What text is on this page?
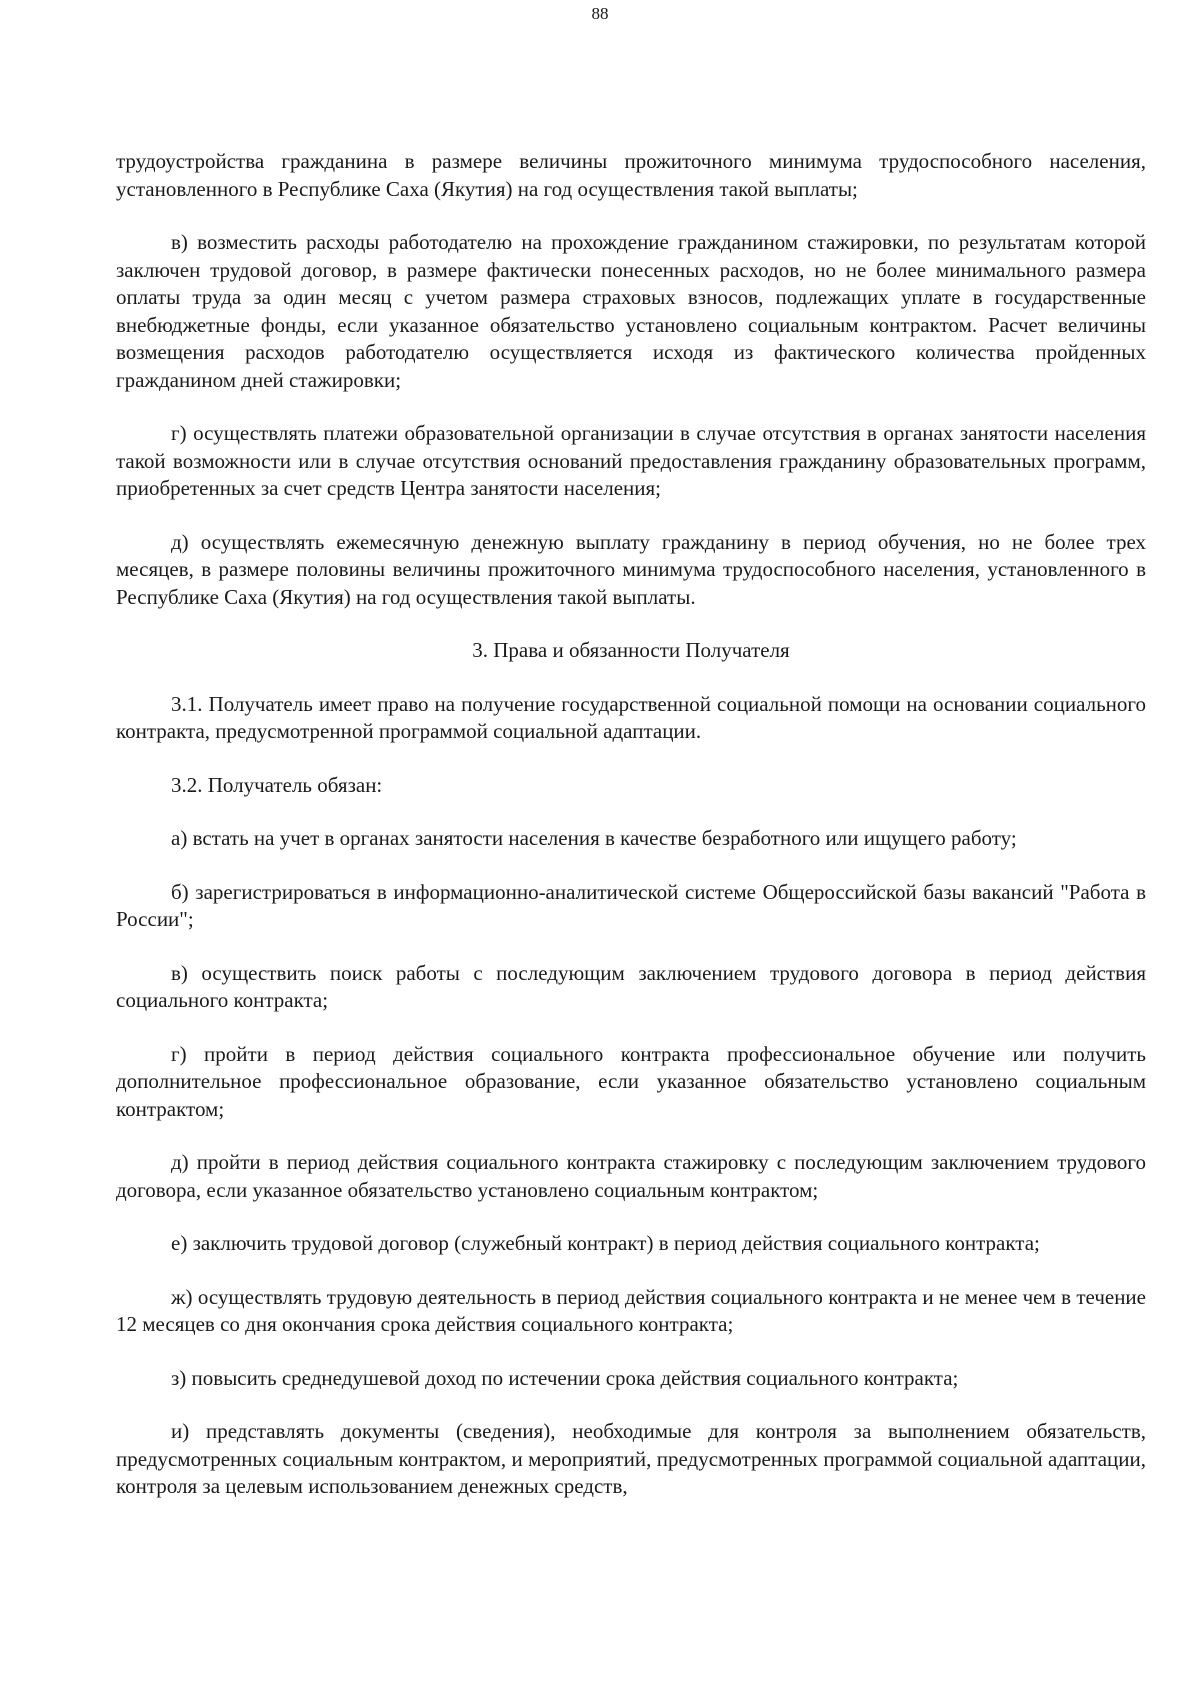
88

трудоустройства гражданина в размере величины прожиточного минимума трудоспособного населения, установленного в Республике Саха (Якутия) на год осуществления такой выплаты;

в) возместить расходы работодателю на прохождение гражданином стажировки, по результатам которой заключен трудовой договор, в размере фактически понесенных расходов, но не более минимального размера оплаты труда за один месяц с учетом размера страховых взносов, подлежащих уплате в государственные внебюджетные фонды, если указанное обязательство установлено социальным контрактом. Расчет величины возмещения расходов работодателю осуществляется исходя из фактического количества пройденных гражданином дней стажировки;

г) осуществлять платежи образовательной организации в случае отсутствия в органах занятости населения такой возможности или в случае отсутствия оснований предоставления гражданину образовательных программ, приобретенных за счет средств Центра занятости населения;

д) осуществлять ежемесячную денежную выплату гражданину в период обучения, но не более трех месяцев, в размере половины величины прожиточного минимума трудоспособного населения, установленного в Республике Саха (Якутия) на год осуществления такой выплаты.

3. Права и обязанности Получателя

3.1. Получатель имеет право на получение государственной социальной помощи на основании социального контракта, предусмотренной программой социальной адаптации.

3.2. Получатель обязан:

а) встать на учет в органах занятости населения в качестве безработного или ищущего работу;

б) зарегистрироваться в информационно-аналитической системе Общероссийской базы вакансий "Работа в России";

в) осуществить поиск работы с последующим заключением трудового договора в период действия социального контракта;

г) пройти в период действия социального контракта профессиональное обучение или получить дополнительное профессиональное образование, если указанное обязательство установлено социальным контрактом;

д) пройти в период действия социального контракта стажировку с последующим заключением трудового договора, если указанное обязательство установлено социальным контрактом;

е) заключить трудовой договор (служебный контракт) в период действия социального контракта;

ж) осуществлять трудовую деятельность в период действия социального контракта и не менее чем в течение 12 месяцев со дня окончания срока действия социального контракта;

з) повысить среднедушевой доход по истечении срока действия социального контракта;

и) представлять документы (сведения), необходимые для контроля за выполнением обязательств, предусмотренных социальным контрактом, и мероприятий, предусмотренных программой социальной адаптации, контроля за целевым использованием денежных средств,
